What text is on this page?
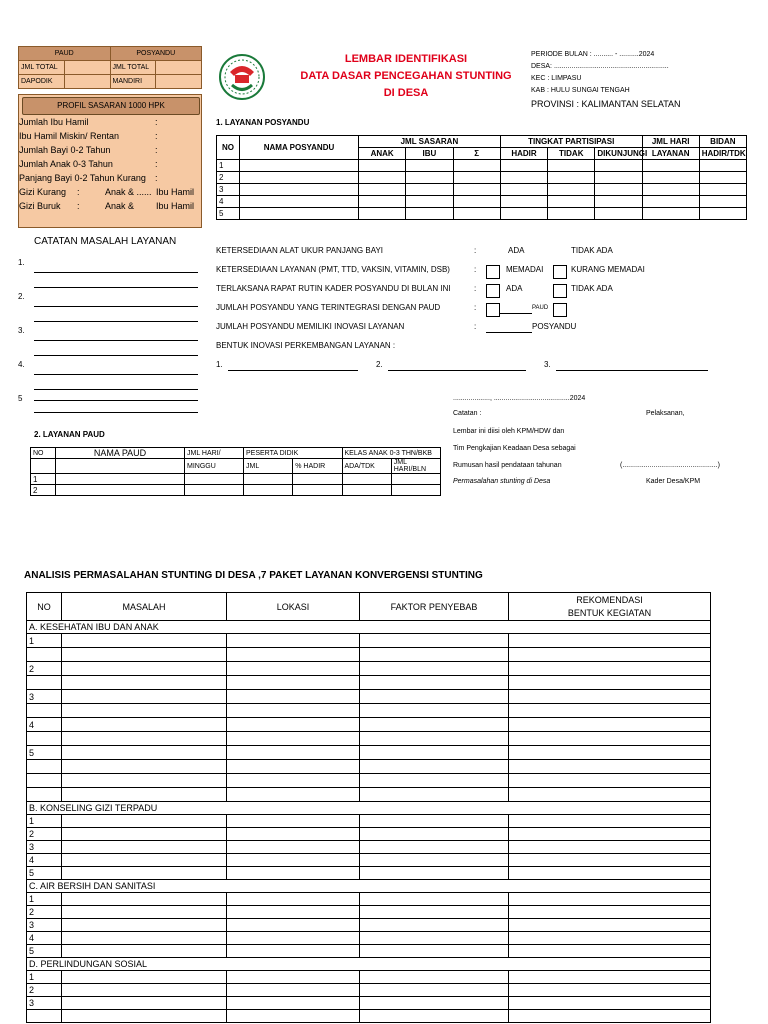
PAUD		POSYANDU	
JML TOTAL		JML TOTAL	
DAPODIK		MANDIRI	
PROFIL SASARAN 1000 HPK
Jumlah Ibu Hamil	:
Ibu Hamil Miskin/ Rentan	:
Jumlah Bayi 0-2 Tahun	:
Jumlah Anak 0-3 Tahun	:
Panjang Bayi 0-2 Tahun Kurang :
Gizi Kurang :	Anak & ...... Ibu Hamil
Gizi Buruk :	Anak & Ibu Hamil
LEMBAR IDENTIFIKASI
DATA DASAR PENCEGAHAN STUNTING
DI DESA
PERIODE BULAN : .......... - ..........2024
DESA: ...........................................................
KEC : LIMPASU
KAB : HULU SUNGAI TENGAH
PROVINSI : KALIMANTAN SELATAN
1. LAYANAN POSYANDU
NO	NAMA POSYANDU	JML SASARAN			TINGKAT PARTISIPASI			JML HARI	BIDAN
		ANAK	IBU	Σ	HADIR	TIDAK	DIKUNJUNGI	LAYANAN	HADIR/TDK
1									
2									
3									
4									
5									
CATATAN MASALAH LAYANAN
1.
2.
3.
4.
5
KETERSEDIAAN ALAT UKUR PANJANG BAYI	:	ADA	TIDAK ADA
KETERSEDIAAN LAYANAN (PMT, TTD, VAKSIN, VITAMIN, DSB)	:	MEMADAI	KURANG MEMADAI
TERLAKSANA RAPAT RUTIN KADER POSYANDU DI BULAN INI	:	ADA	TIDAK ADA
JUMLAH POSYANDU YANG TERINTEGRASI DENGAN PAUD	:	PAUD
JUMLAH POSYANDU MEMILIKI INOVASI LAYANAN	:	POSYANDU
BENTUK INOVASI PERKEMBANGAN LAYANAN :
1.	2.	3.
2. LAYANAN PAUD
NO	NAMA PAUD	JML HARI/	PESERTA DIDIK		KELAS ANAK 0-3 THN/BKB	
		MINGGU	JML	% HADIR	ADA/TDK	JML HARI/BLN
1						
2						
..................., .......................................2024
Catatan :	Pelaksanan,
Lembar ini diisi oleh KPM/HDW dan
Tim Pengkajian Keadaan Desa sebagai
Rumusan hasil pendataan tahunan	(.................................................)
Permasalahan stunting di Desa	Kader Desa/KPM
ANALISIS PERMASALAHAN STUNTING DI DESA ,7 PAKET LAYANAN KONVERGENSI STUNTING
NO	MASALAH	LOKASI	FAKTOR PENYEBAB	REKOMENDASI
BENTUK KEGIATAN

A. KESEHATAN IBU DAN ANAK				
1				

2				

3				

4				

5				

B. KONSELING GIZI TERPADU				
1				
2				
3				
4				
5				
C. AIR BERSIH DAN SANITASI				
1				
2				
3				
4				
5				
D. PERLINDUNGAN SOSIAL				
1				
2				
3				
